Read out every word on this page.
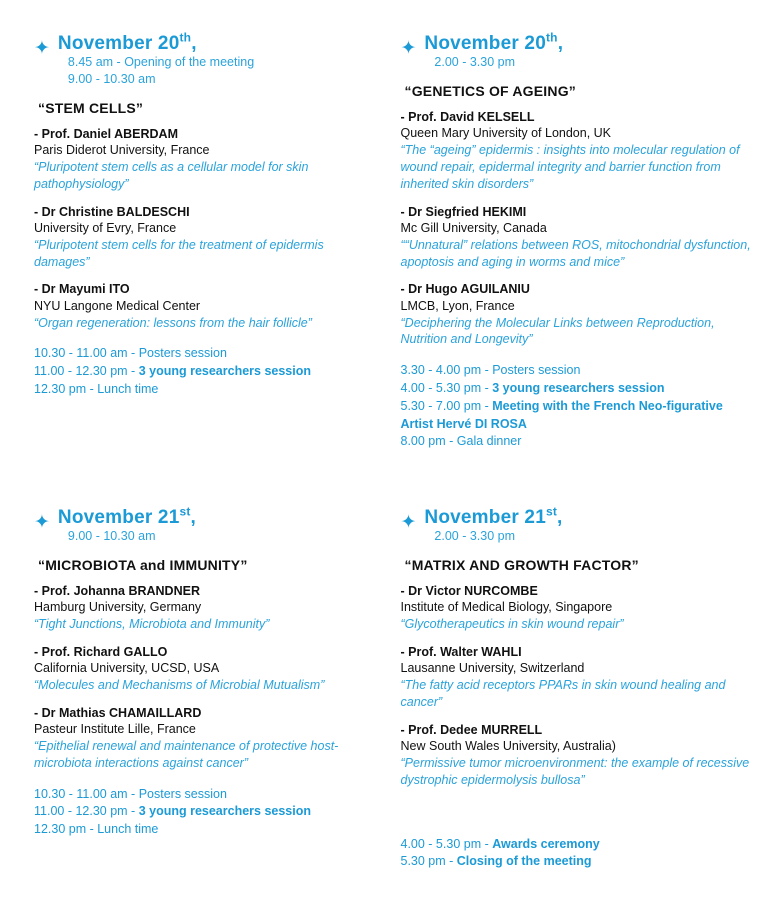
✦ November 20th,
8.45 am - Opening of the meeting
9.00 - 10.30 am
“STEM CELLS”
- Prof. Daniel ABERDAM
Paris Diderot University, France
“Pluripotent stem cells as a cellular model for skin pathophysiology”
- Dr Christine BALDESCHI
University of Evry, France
“Pluripotent stem cells for the treatment of epidermis damages”
- Dr Mayumi ITO
NYU Langone Medical Center
“Organ regeneration: lessons from the hair follicle”
10.30 - 11.00 am - Posters session
11.00 - 12.30 pm - 3 young researchers session
12.30 pm - Lunch time
✦ November 20th,
2.00 - 3.30 pm
“GENETICS OF AGEING”
- Prof. David KELSELL
Queen Mary University of London, UK
“The “ageing” epidermis : insights into molecular regulation of wound repair, epidermal integrity and barrier function from inherited skin disorders”
- Dr Siegfried HEKIMI
Mc Gill University, Canada
““Unnatural” relations between ROS, mitochondrial dysfunction, apoptosis and aging in worms and mice”
- Dr Hugo AGUILANIU
LMCB, Lyon, France
“Deciphering the Molecular Links between Reproduction, Nutrition and Longevity”
3.30 - 4.00 pm - Posters session
4.00 - 5.30 pm - 3 young researchers session
5.30 - 7.00 pm - Meeting with the French Neo-figurative Artist Hervé DI ROSA
8.00 pm - Gala dinner
✦ November 21st,
9.00 - 10.30 am
“MICROBIOTA and IMMUNITY”
- Prof. Johanna BRANDNER
Hamburg University, Germany
“Tight Junctions, Microbiota and Immunity”
- Prof. Richard GALLO
California University, UCSD, USA
“Molecules and Mechanisms of Microbial Mutualism”
- Dr Mathias CHAMAILLARD
Pasteur Institute Lille, France
“Epithelial renewal and maintenance of protective host-microbiota interactions against cancer”
10.30 - 11.00 am - Posters session
11.00 - 12.30 pm - 3 young researchers session
12.30 pm - Lunch time
✦ November 21st,
2.00 - 3.30 pm
“MATRIX AND GROWTH FACTOR”
- Dr Victor NURCOMBE
Institute of Medical Biology, Singapore
“Glycotherapeutics in skin wound repair”
- Prof. Walter WAHLI
Lausanne University, Switzerland
“The fatty acid receptors PPARs in skin wound healing and cancer”
- Prof. Dedee MURRELL
New South Wales University, Australia)
“Permissive tumor microenvironment: the example of recessive dystrophic epidermolysis bullosa”
4.00 - 5.30 pm - Awards ceremony
5.30 pm - Closing of the meeting
